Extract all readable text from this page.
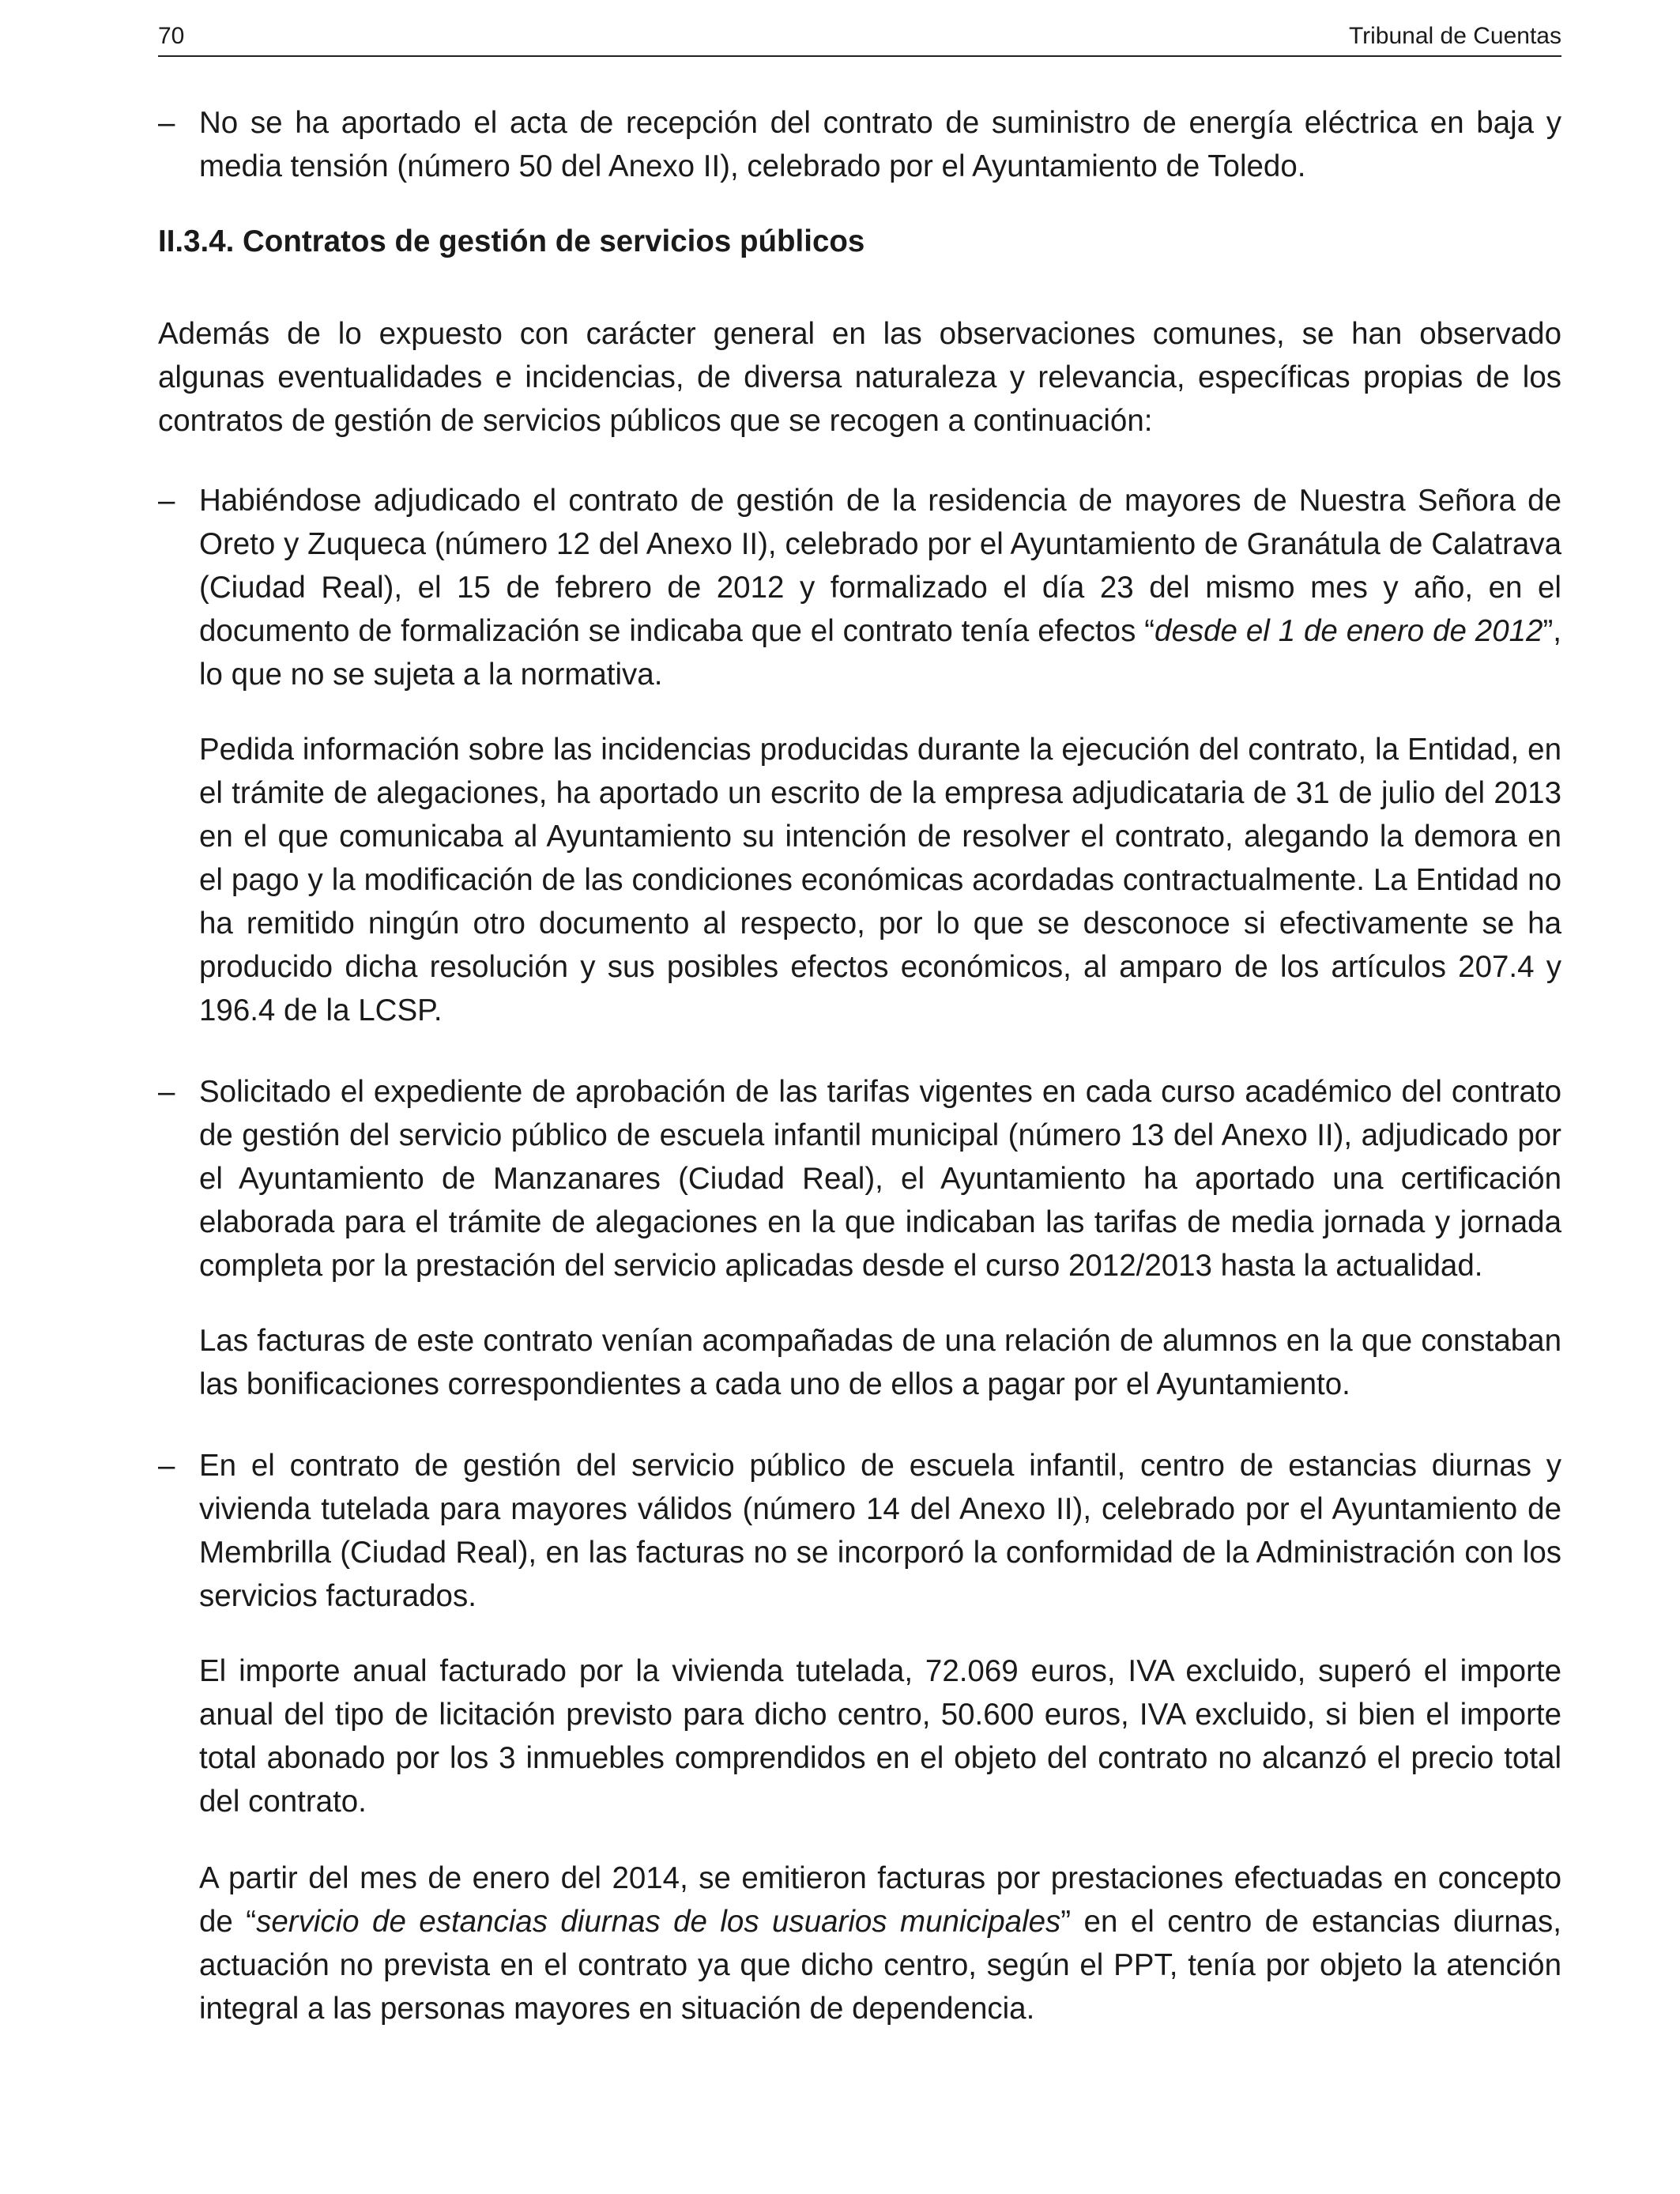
70	Tribunal de Cuentas
– No se ha aportado el acta de recepción del contrato de suministro de energía eléctrica en baja y media tensión (número 50 del Anexo II), celebrado por el Ayuntamiento de Toledo.

II.3.4. Contratos de gestión de servicios públicos

Además de lo expuesto con carácter general en las observaciones comunes, se han observado algunas eventualidades e incidencias, de diversa naturaleza y relevancia, específicas propias de los contratos de gestión de servicios públicos que se recogen a continuación:

– Habiéndose adjudicado el contrato de gestión de la residencia de mayores de Nuestra Señora de Oreto y Zuqueca (número 12 del Anexo II), celebrado por el Ayuntamiento de Granátula de Calatrava (Ciudad Real), el 15 de febrero de 2012 y formalizado el día 23 del mismo mes y año, en el documento de formalización se indicaba que el contrato tenía efectos “desde el 1 de enero de 2012”, lo que no se sujeta a la normativa.

Pedida información sobre las incidencias producidas durante la ejecución del contrato, la Entidad, en el trámite de alegaciones, ha aportado un escrito de la empresa adjudicataria de 31 de julio del 2013 en el que comunicaba al Ayuntamiento su intención de resolver el contrato, alegando la demora en el pago y la modificación de las condiciones económicas acordadas contractualmente. La Entidad no ha remitido ningún otro documento al respecto, por lo que se desconoce si efectivamente se ha producido dicha resolución y sus posibles efectos económicos, al amparo de los artículos 207.4 y 196.4 de la LCSP.

– Solicitado el expediente de aprobación de las tarifas vigentes en cada curso académico del contrato de gestión del servicio público de escuela infantil municipal (número 13 del Anexo II), adjudicado por el Ayuntamiento de Manzanares (Ciudad Real), el Ayuntamiento ha aportado una certificación elaborada para el trámite de alegaciones en la que indicaban las tarifas de media jornada y jornada completa por la prestación del servicio aplicadas desde el curso 2012/2013 hasta la actualidad.

Las facturas de este contrato venían acompañadas de una relación de alumnos en la que constaban las bonificaciones correspondientes a cada uno de ellos a pagar por el Ayuntamiento.

– En el contrato de gestión del servicio público de escuela infantil, centro de estancias diurnas y vivienda tutelada para mayores válidos (número 14 del Anexo II), celebrado por el Ayuntamiento de Membrilla (Ciudad Real), en las facturas no se incorporó la conformidad de la Administración con los servicios facturados.

El importe anual facturado por la vivienda tutelada, 72.069 euros, IVA excluido, superó el importe anual del tipo de licitación previsto para dicho centro, 50.600 euros, IVA excluido, si bien el importe total abonado por los 3 inmuebles comprendidos en el objeto del contrato no alcanzó el precio total del contrato.

A partir del mes de enero del 2014, se emitieron facturas por prestaciones efectuadas en concepto de “servicio de estancias diurnas de los usuarios municipales” en el centro de estancias diurnas, actuación no prevista en el contrato ya que dicho centro, según el PPT, tenía por objeto la atención integral a las personas mayores en situación de dependencia.
